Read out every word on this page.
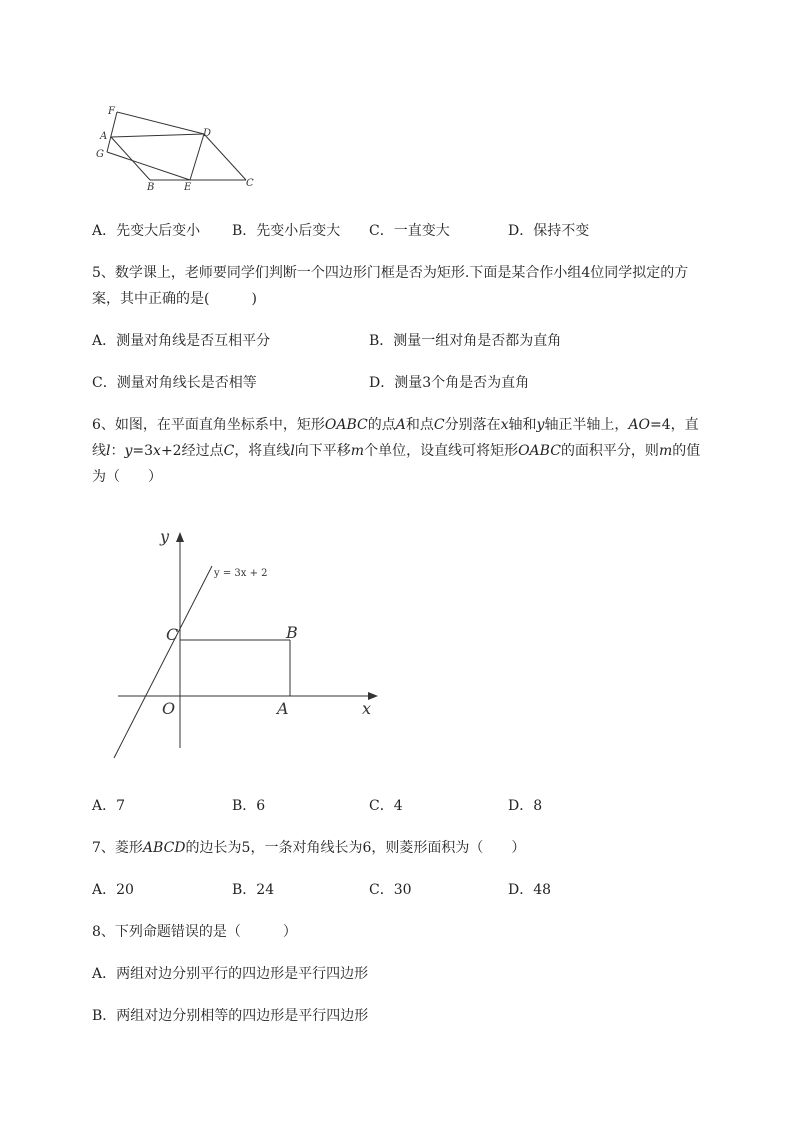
F
A
G
D
B	E	C
A．先变大后变小 B．先变小后变大 C．一直变大	D．保持不变
5、数学课上，老师要同学们判断一个四边形门框是否为矩形.下面是某合作小组4位同学拟定的方
案，其中正确的是(　　　)
A．测量对角线是否互相平分	B．测量一组对角是否都为直角
C．测量对角线长是否相等	D．测量3个角是否为直角
6、如图，在平面直角坐标系中，矩形OABC的点A和点C分别落在x轴和y轴正半轴上，AO=4，直
线l：y=3x+2经过点C，将直线l向下平移m个单位，设直线可将矩形OABC的面积平分，则m的值
为（　　）
y
x
C	B
O	A
y = 3x + 2
A．7	B．6	C．4	D．8
7、菱形ABCD的边长为5，一条对角线长为6，则菱形面积为（　　）
A．20	B．24	C．30	D．48
8、下列命题错误的是（　　　）
A．两组对边分别平行的四边形是平行四边形
B．两组对边分别相等的四边形是平行四边形
